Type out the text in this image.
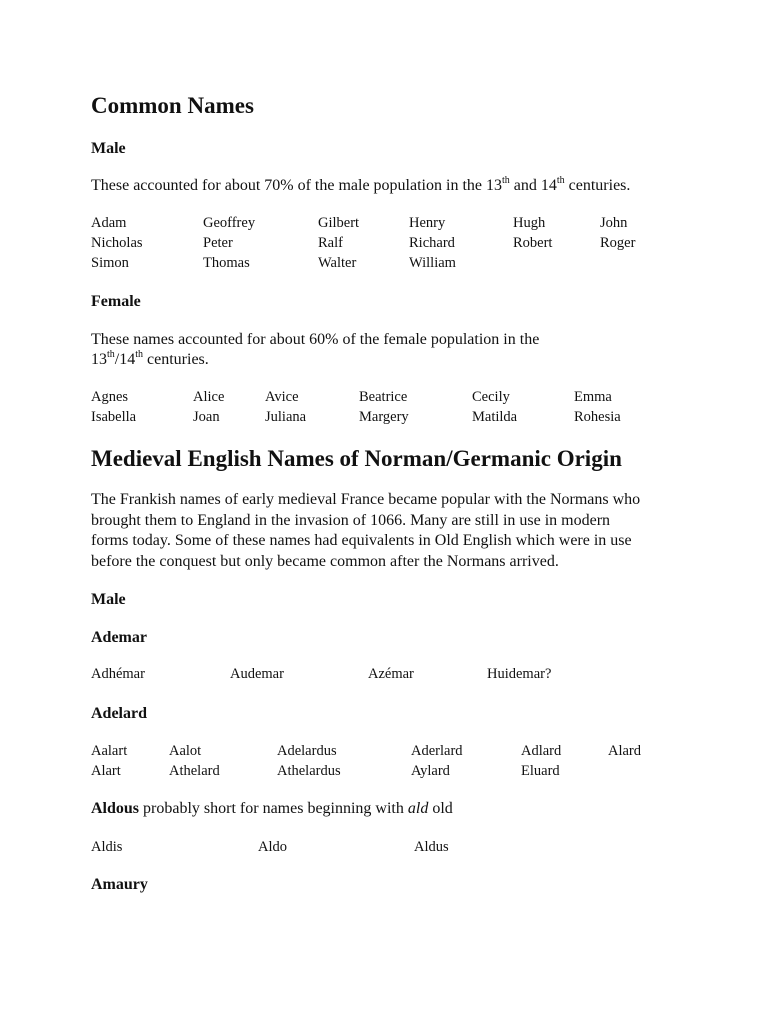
Common Names
Male
These accounted for about 70% of the male population in the 13th and 14th centuries.
Adam	Geoffrey	Gilbert	Henry	Hugh	John
Nicholas	Peter	Ralf	Richard	Robert	Roger
Simon	Thomas	Walter	William
Female
These names accounted for about 60% of the female population in the
13th/14th centuries.
Agnes	Alice	Avice	Beatrice	Cecily	Emma
Isabella	Joan	Juliana	Margery	Matilda	Rohesia
Medieval English Names of Norman/Germanic Origin
The Frankish names of early medieval France became popular with the Normans who
brought them to England in the invasion of 1066. Many are still in use in modern
forms today. Some of these names had equivalents in Old English which were in use
before the conquest but only became common after the Normans arrived.
Male
Ademar
Adhémar	Audemar	Azémar	Huidemar?
Adelard
Aalart	Aalot	Adelardus	Aderlard	Adlard	Alard
Alart	Athelard	Athelardus	Aylard	Eluard
Aldous probably short for names beginning with ald old
Aldis	Aldo	Aldus
Amaury
